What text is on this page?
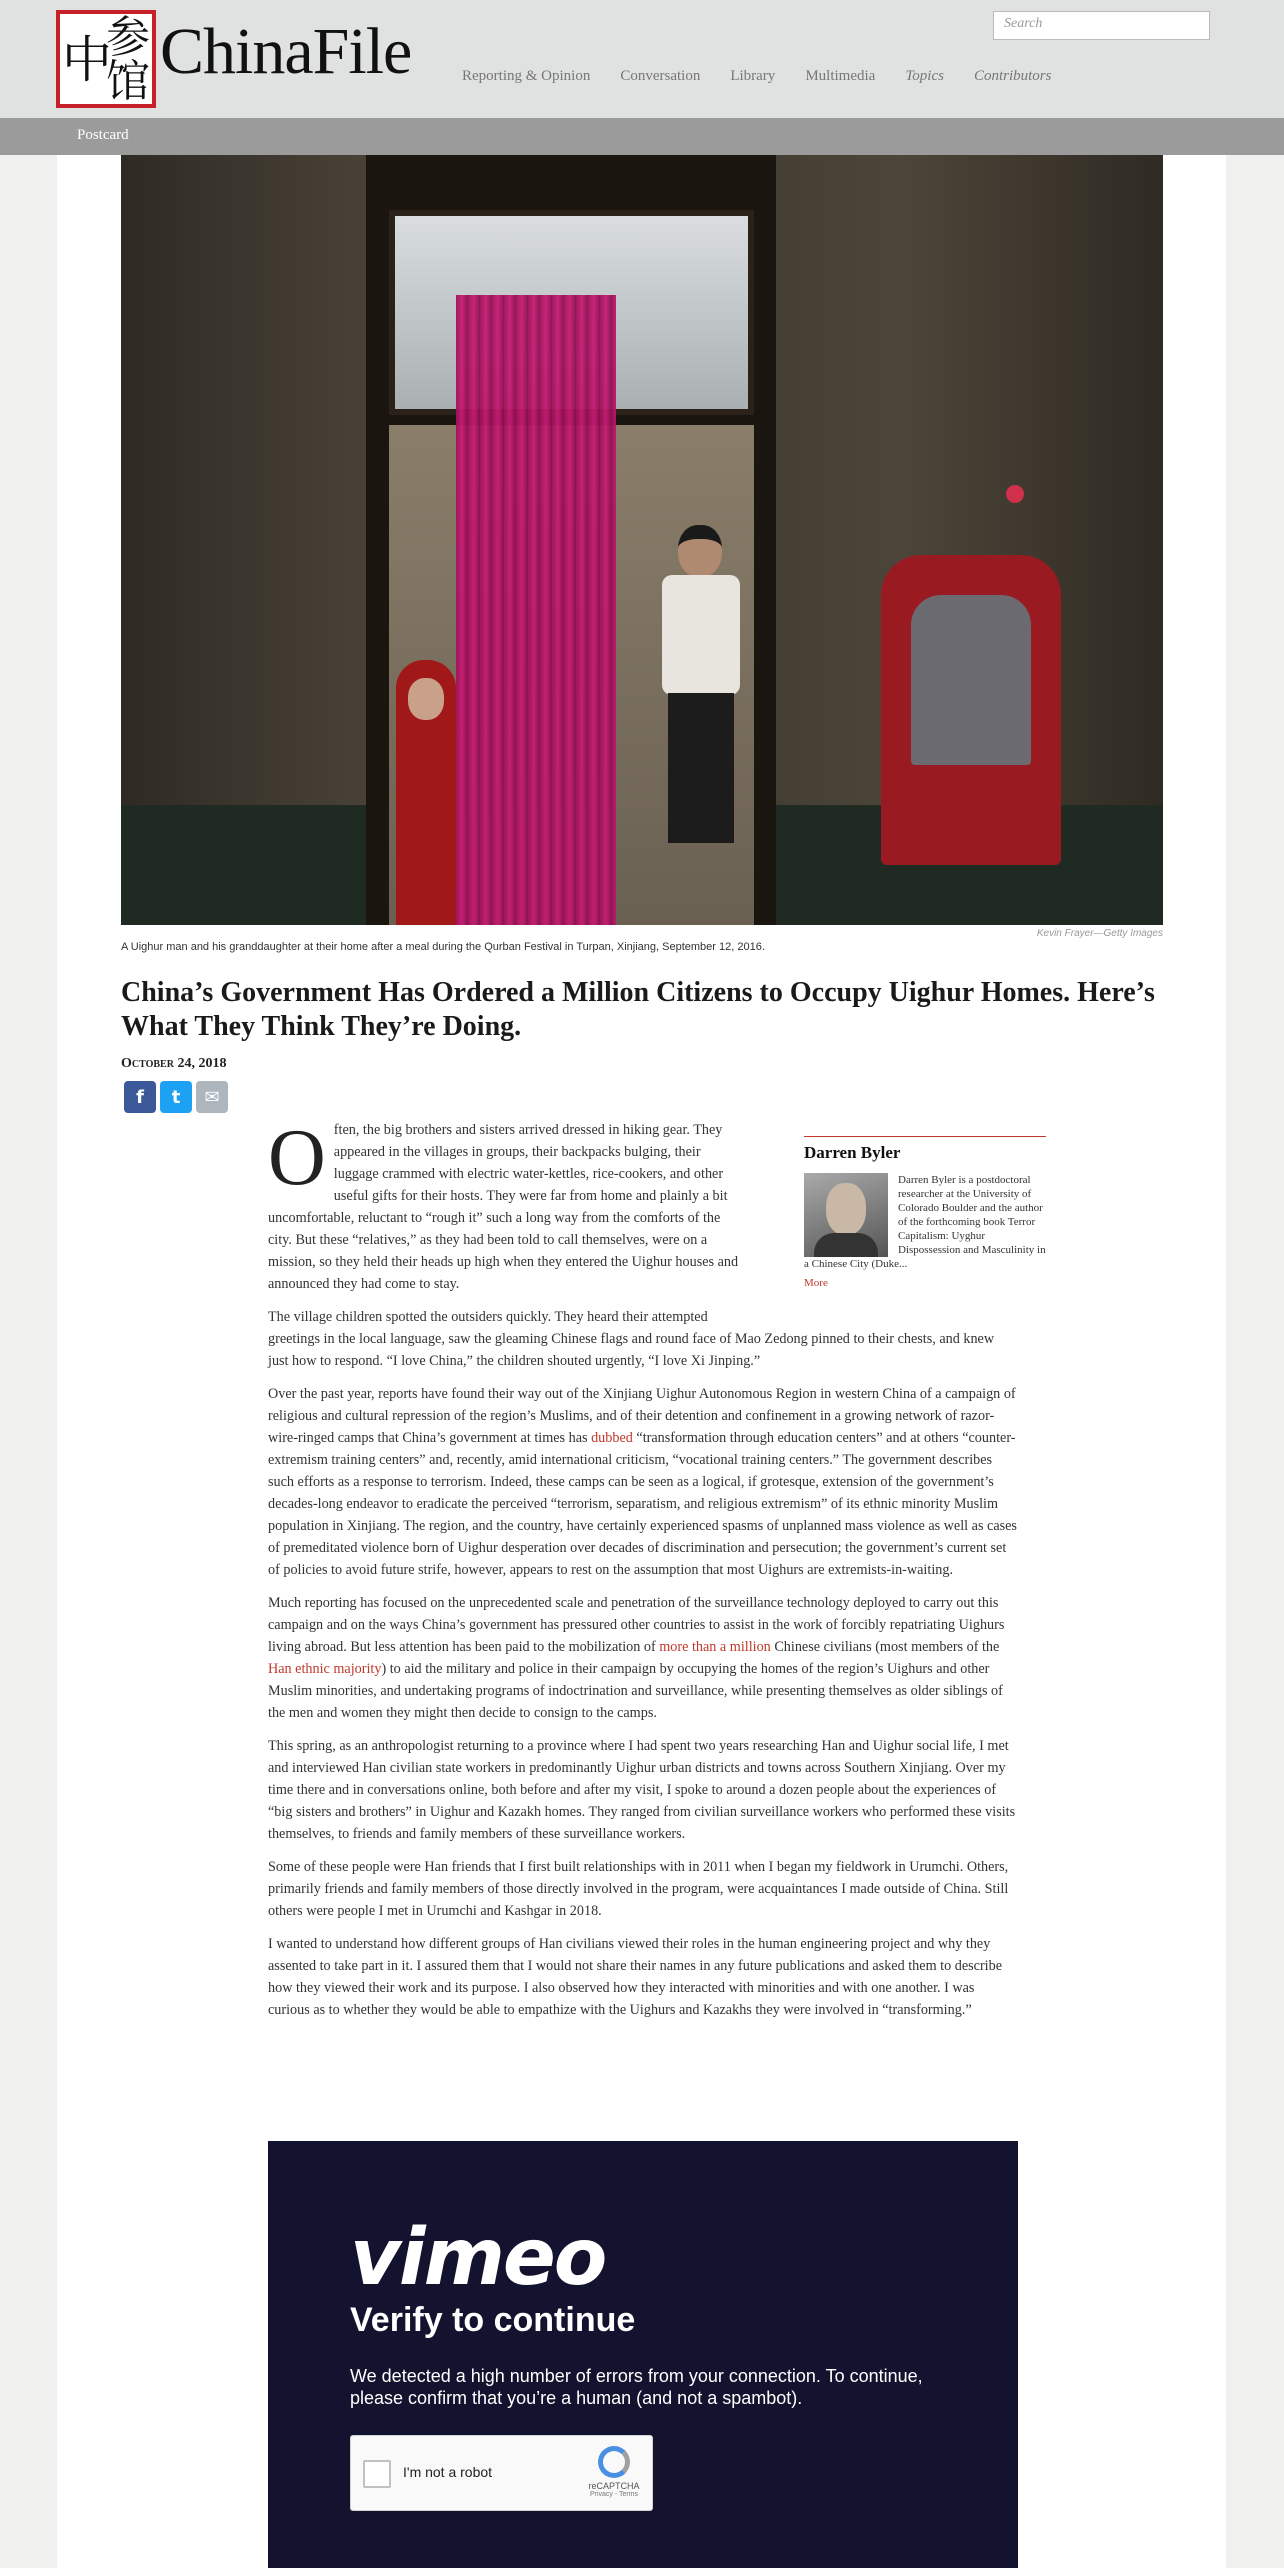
中
参
馆 ChinaFile	Reporting & Opinion Conversation Library Multimedia Topics Contributors
Search
Postcard
Kevin Frayer—Getty Images
A Uighur man and his granddaughter at their home after a meal during the Qurban Festival in Turpan, Xinjiang, September 12, 2016.
China’s Government Has Ordered a Million Citizens to Occupy Uighur Homes. Here’s What They Think They’re Doing.
October 24, 2018
f	t	✉

Often, the big brothers and sisters arrived dressed in hiking gear. They appeared in the villages in groups, their backpacks bulging, their luggage crammed with electric water-kettles, rice-cookers, and other useful gifts for their hosts. They were far from home and plainly a bit uncomfortable, reluctant to “rough it” such a long way from the comforts of the city. But these “relatives,” as they had been told to call themselves, were on a mission, so they held their heads up high when they entered the Uighur houses and announced they had come to stay.

The village children spotted the outsiders quickly. They heard their attempted greetings in the local language, saw the gleaming Chinese flags and round face of Mao Zedong pinned to their chests, and knew just how to respond. “I love China,” the children shouted urgently, “I love Xi Jinping.”

Over the past year, reports have found their way out of the Xinjiang Uighur Autonomous Region in western China of a campaign of religious and cultural repression of the region’s Muslims, and of their detention and confinement in a growing network of razor-wire-ringed camps that China’s government at times has dubbed “transformation through education centers” and at others “counter-extremism training centers” and, recently, amid international criticism, “vocational training centers.” The government describes such efforts as a response to terrorism. Indeed, these camps can be seen as a logical, if grotesque, extension of the government’s decades-long endeavor to eradicate the perceived “terrorism, separatism, and religious extremism” of its ethnic minority Muslim population in Xinjiang. The region, and the country, have certainly experienced spasms of unplanned mass violence as well as cases of premeditated violence born of Uighur desperation over decades of discrimination and persecution; the government’s current set of policies to avoid future strife, however, appears to rest on the assumption that most Uighurs are extremists-in-waiting.

Much reporting has focused on the unprecedented scale and penetration of the surveillance technology deployed to carry out this campaign and on the ways China’s government has pressured other countries to assist in the work of forcibly repatriating Uighurs living abroad. But less attention has been paid to the mobilization of more than a million Chinese civilians (most members of the Han ethnic majority) to aid the military and police in their campaign by occupying the homes of the region’s Uighurs and other Muslim minorities, and undertaking programs of indoctrination and surveillance, while presenting themselves as older siblings of the men and women they might then decide to consign to the camps.

This spring, as an anthropologist returning to a province where I had spent two years researching Han and Uighur social life, I met and interviewed Han civilian state workers in predominantly Uighur urban districts and towns across Southern Xinjiang. Over my time there and in conversations online, both before and after my visit, I spoke to around a dozen people about the experiences of “big sisters and brothers” in Uighur and Kazakh homes. They ranged from civilian surveillance workers who performed these visits themselves, to friends and family members of these surveillance workers.

Some of these people were Han friends that I first built relationships with in 2011 when I began my fieldwork in Urumchi. Others, primarily friends and family members of those directly involved in the program, were acquaintances I made outside of China. Still others were people I met in Urumchi and Kashgar in 2018.

I wanted to understand how different groups of Han civilians viewed their roles in the human engineering project and why they assented to take part in it. I assured them that I would not share their names in any future publications and asked them to describe how they viewed their work and its purpose. I also observed how they interacted with minorities and with one another. I was curious as to whether they would be able to empathize with the Uighurs and Kazakhs they were involved in “transforming.”

Darren Byler
Darren Byler is a postdoctoral researcher at the University of Colorado Boulder and the author of the forthcoming book Terror Capitalism: Uyghur Dispossession and Masculinity in a Chinese City (Duke...
More
vimeo
Verify to continue
We detected a high number of errors from your connection. To continue, please confirm that you’re a human (and not a spambot).
I'm not a robot
reCAPTCHA
Privacy - Terms
